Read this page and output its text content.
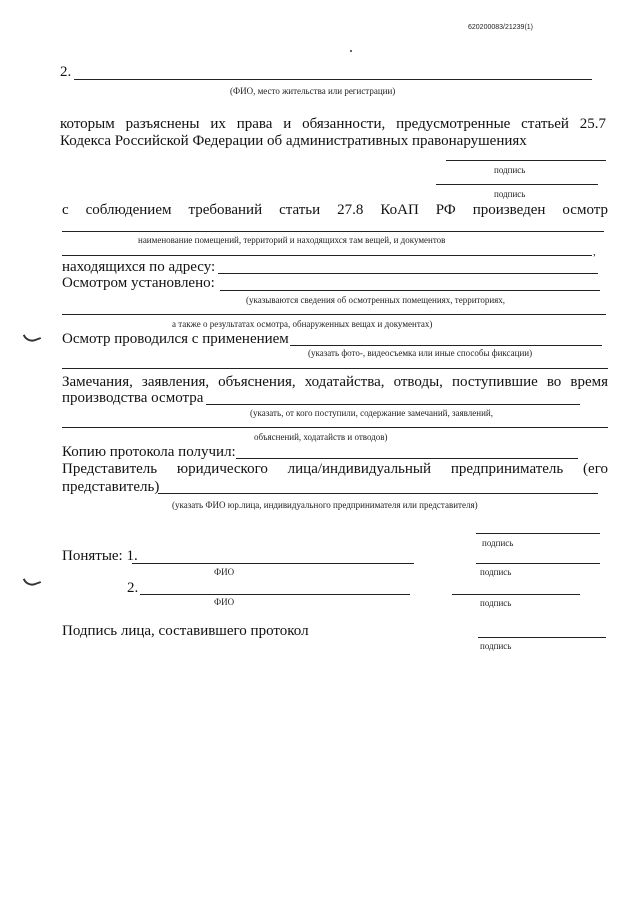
620200083/21239(1)
2.
(ФИО, место жительства или регистрации)
которым разъяснены их права и обязанности, предусмотренные статьей 25.7
Кодекса Российской Федерации об административных правонарушениях
подпись
подпись
с соблюдением требований статьи 27.8 КоАП РФ произведен осмотр
наименование помещений, территорий и находящихся там вещей, и документов
,
находящихся по адресу:
Осмотром установлено:
(указываются сведения об осмотренных помещениях, территориях,
а также о результатах осмотра, обнаруженных вещах и документах)
Осмотр проводился с применением
(указать фото-, видеосъемка или иные способы фиксации)
Замечания, заявления, объяснения, ходатайства, отводы, поступившие во время
производства осмотра
(указать, от кого поступили, содержание замечаний, заявлений,
объяснений, ходатайств и отводов)
Копию протокола получил:
Представитель юридического лица/индивидуальный предприниматель (его
представитель)
(указать ФИО юр.лица, индивидуального предпринимателя или представителя)
подпись
Понятые: 1.
ФИО	подпись
2.
ФИО	подпись
Подпись лица, составившего протокол
подпись
